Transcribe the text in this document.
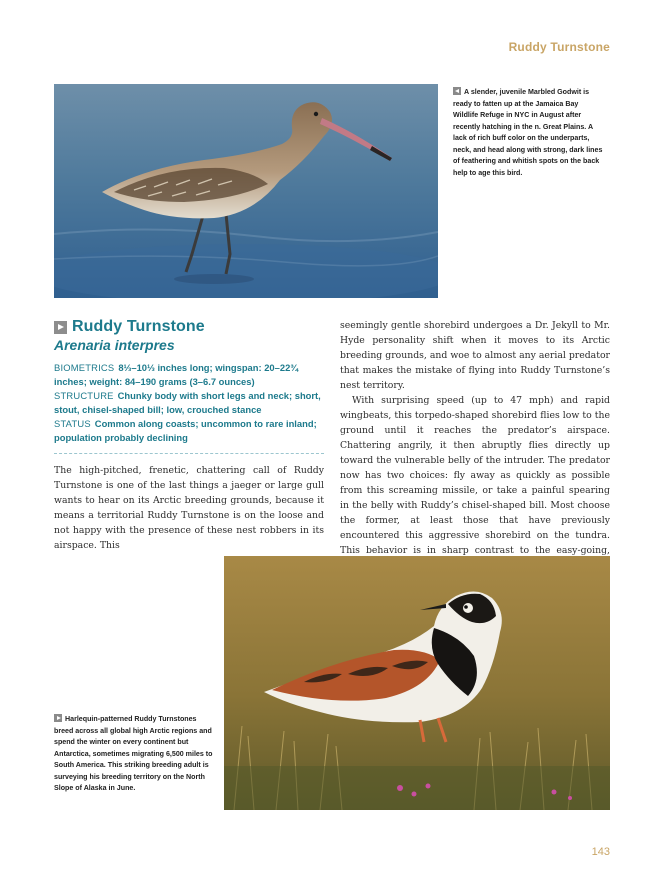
Ruddy Turnstone
A slender, juvenile Marbled Godwit is ready to fatten up at the Jamaica Bay Wildlife Refuge in NYC in August after recently hatching in the n. Great Plains. A lack of rich buff color on the underparts, neck, and head along with strong, dark lines of feathering and whitish spots on the back help to age this bird.
Ruddy Turnstone
Arenaria interpres

BIOMETRICS 8⅓–10⅓ inches long; wingspan: 20–22¾ inches; weight: 84–190 grams (3–6.7 ounces)

STRUCTURE Chunky body with short legs and neck; short, stout, chisel-shaped bill; low, crouched stance

STATUS Common along coasts; uncommon to rare inland; population probably declining

The high-pitched, frenetic, chattering call of Ruddy Turnstone is one of the last things a jaeger or large gull wants to hear on its Arctic breeding grounds, because it means a territorial Ruddy Turnstone is on the loose and not happy with the presence of these nest robbers in its airspace. This

seemingly gentle shorebird undergoes a Dr. Jekyll to Mr. Hyde personality shift when it moves to its Arctic breeding grounds, and woe to almost any aerial predator that makes the mistake of flying into Ruddy Turnstone’s nest territory.

With surprising speed (up to 47 mph) and rapid wingbeats, this torpedo-shaped shorebird flies low to the ground until it reaches the predator’s airspace. Chattering angrily, it then abruptly flies directly up toward the vulnerable belly of the intruder. The predator now has two choices: fly away as quickly as possible from this screaming missile, or take a painful spearing in the belly with Ruddy’s chisel-shaped bill. Most choose the former, at least those that have previously encountered this aggressive shorebird on the tundra. This behavior is in sharp contrast to the easy-going,

Harlequin-patterned Ruddy Turnstones breed across all global high Arctic regions and spend the winter on every continent but Antarctica, sometimes migrating 6,500 miles to South America. This striking breeding adult is surveying his breeding territory on the North Slope of Alaska in June.
143
